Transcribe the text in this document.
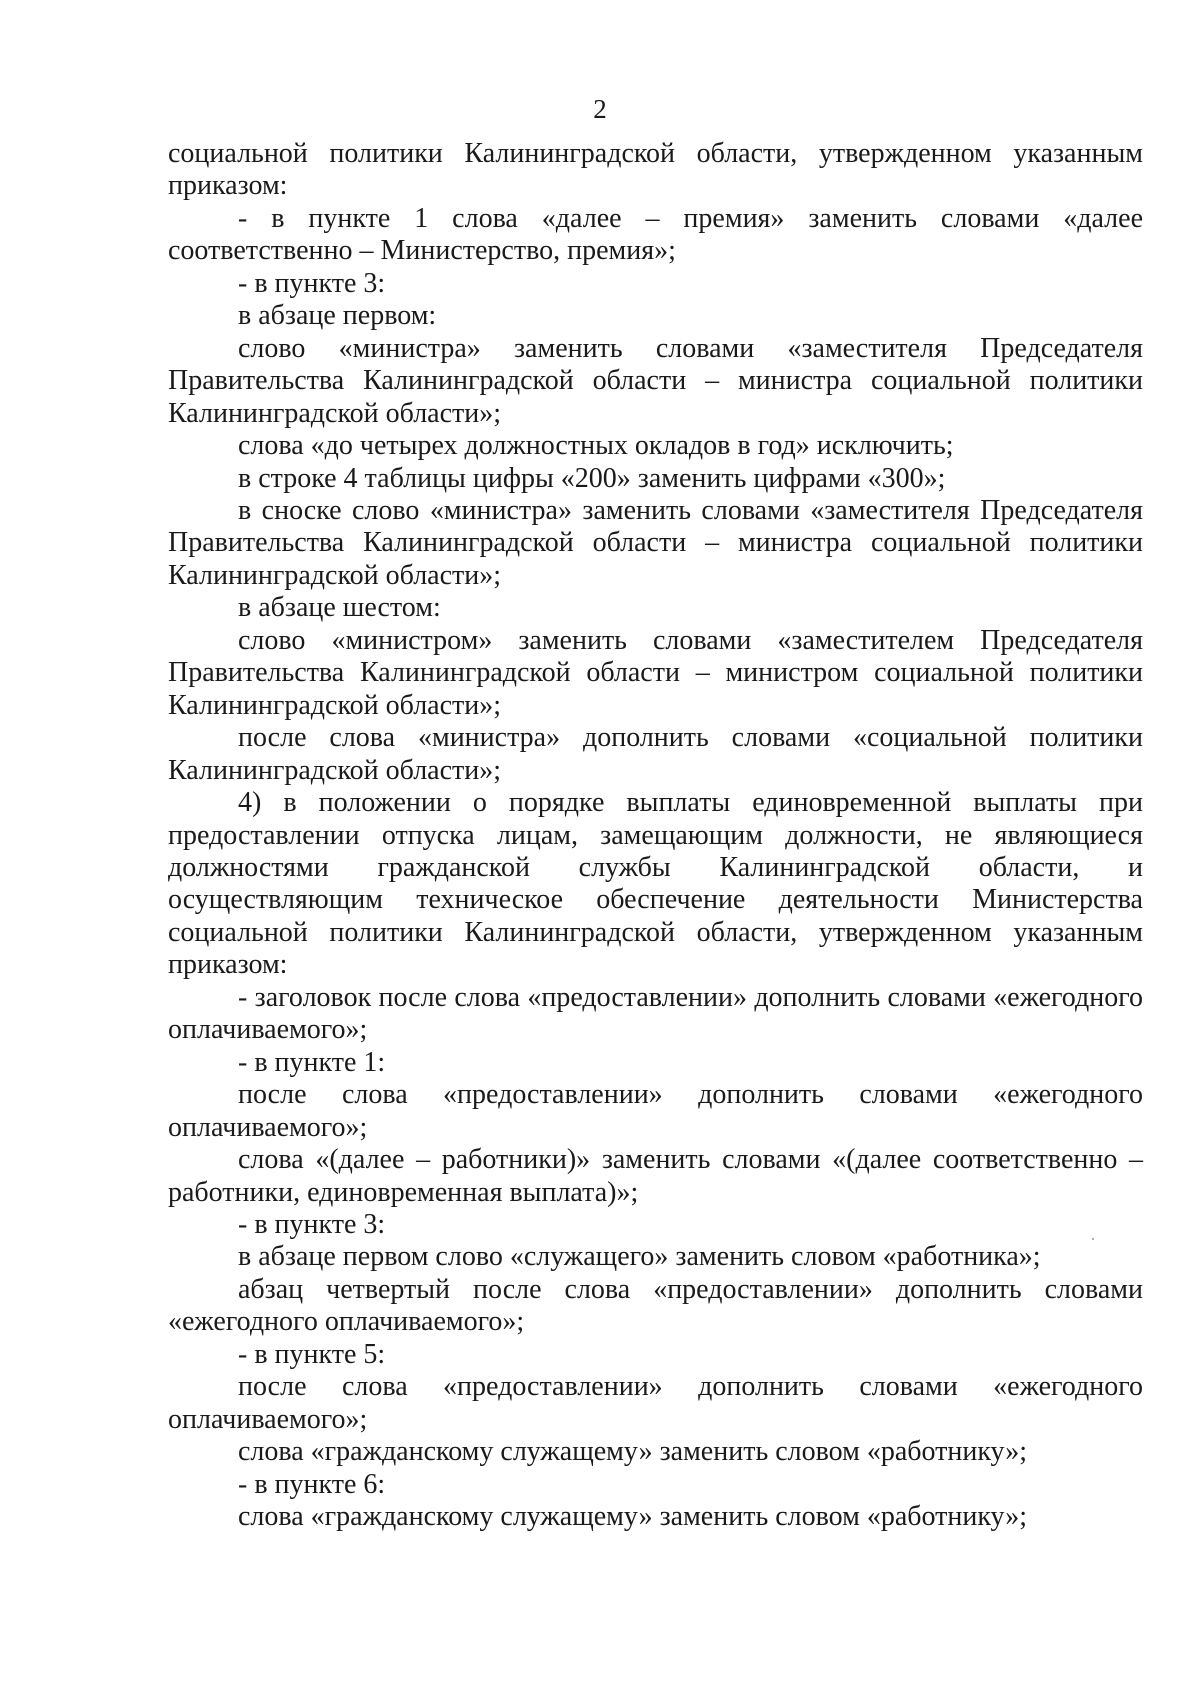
2

социальной политики Калининградской области, утвержденном указанным приказом:

- в пункте 1 слова «далее – премия» заменить словами «далее соответственно – Министерство, премия»;

- в пункте 3:

в абзаце первом:

слово «министра» заменить словами «заместителя Председателя Правительства Калининградской области – министра социальной политики Калининградской области»;

слова «до четырех должностных окладов в год» исключить;

в строке 4 таблицы цифры «200» заменить цифрами «300»;

в сноске слово «министра» заменить словами «заместителя Председателя Правительства Калининградской области – министра социальной политики Калининградской области»;

в абзаце шестом:

слово «министром» заменить словами «заместителем Председателя Правительства Калининградской области – министром социальной политики Калининградской области»;

после слова «министра» дополнить словами «социальной политики Калининградской области»;

4) в положении о порядке выплаты единовременной выплаты при предоставлении отпуска лицам, замещающим должности, не являющиеся должностями гражданской службы Калининградской области, и осуществляющим техническое обеспечение деятельности Министерства социальной политики Калининградской области, утвержденном указанным приказом:

- заголовок после слова «предоставлении» дополнить словами «ежегодного оплачиваемого»;

- в пункте 1:

после слова «предоставлении» дополнить словами «ежегодного оплачиваемого»;

слова «(далее – работники)» заменить словами «(далее соответственно – работники, единовременная выплата)»;

- в пункте 3:

в абзаце первом слово «служащего» заменить словом «работника»;

абзац четвертый после слова «предоставлении» дополнить словами «ежегодного оплачиваемого»;

- в пункте 5:

после слова «предоставлении» дополнить словами «ежегодного оплачиваемого»;

слова «гражданскому служащему» заменить словом «работнику»;

- в пункте 6:

слова «гражданскому служащему» заменить словом «работнику»;
